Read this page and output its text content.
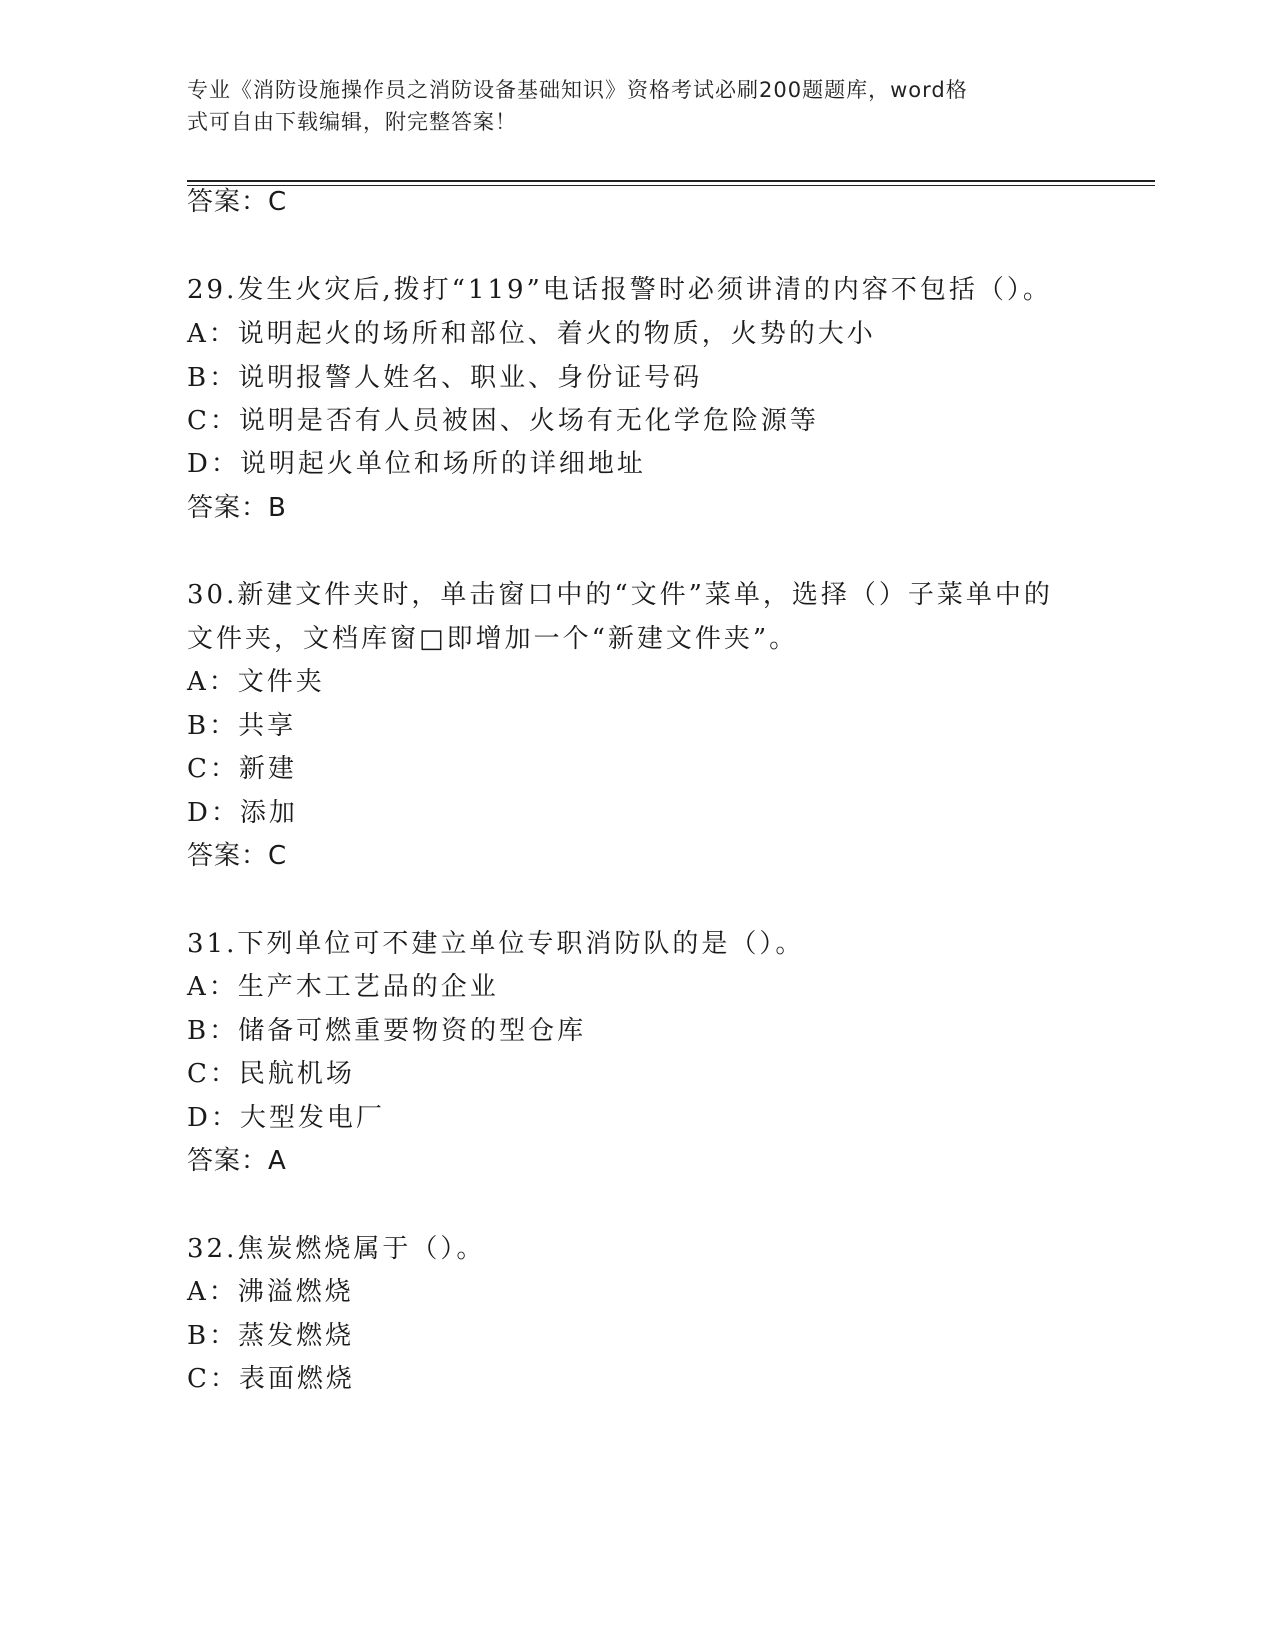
专业《消防设施操作员之消防设备基础知识》资格考试必刷200题题库，word格
式可自由下载编辑，附完整答案！
答案：C
29.发生火灾后,拨打“119”电话报警时必须讲清的内容不包括（）。
A：说明起火的场所和部位、着火的物质，火势的大小
B：说明报警人姓名、职业、身份证号码
C：说明是否有人员被困、火场有无化学危险源等
D：说明起火单位和场所的详细地址
答案：B
30.新建文件夹时，单击窗口中的“文件”菜单，选择（）子菜单中的
文件夹，文档库窗□即增加一个“新建文件夹”。
A：文件夹
B：共享
C：新建
D：添加
答案：C
31.下列单位可不建立单位专职消防队的是（）。
A：生产木工艺品的企业
B：储备可燃重要物资的型仓库
C：民航机场
D：大型发电厂
答案：A
32.焦炭燃烧属于（）。
A：沸溢燃烧
B：蒸发燃烧
C：表面燃烧
